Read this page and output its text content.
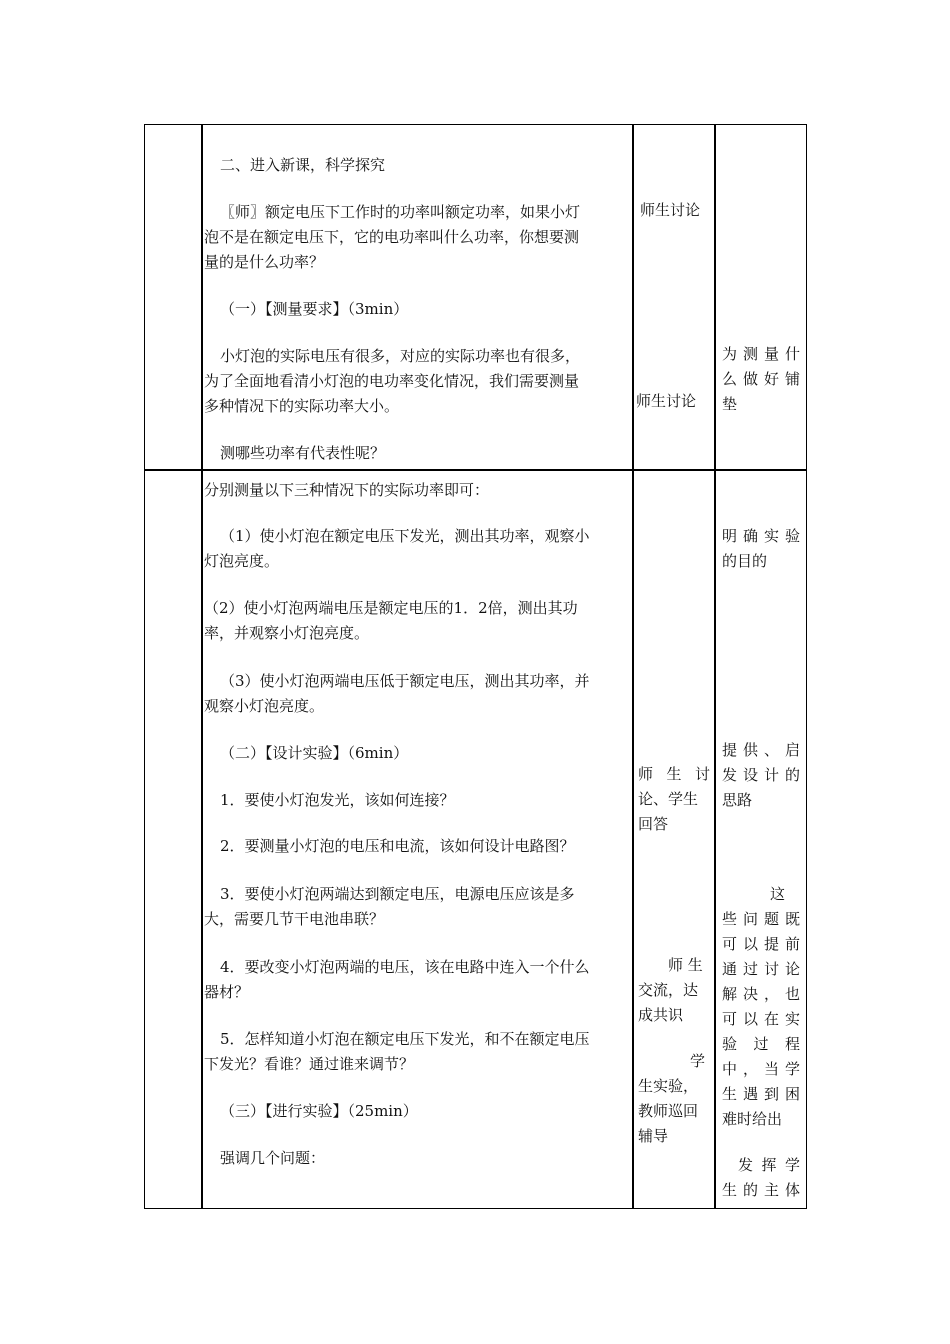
二、进入新课，科学探究
〖师〗额定电压下工作时的功率叫额定功率，如果小灯
泡不是在额定电压下，它的电功率叫什么功率，你想要测
量的是什么功率？
（一）【测量要求】（3min）
小灯泡的实际电压有很多，对应的实际功率也有很多，
为了全面地看清小灯泡的电功率变化情况，我们需要测量
多种情况下的实际功率大小。
测哪些功率有代表性呢？
师生讨论
师生讨论
为 测 量 什
么 做 好 铺
垫
分别测量以下三种情况下的实际功率即可：
（1）使小灯泡在额定电压下发光，测出其功率，观察小
灯泡亮度。
（2）使小灯泡两端电压是额定电压的1．2倍，测出其功
率，并观察小灯泡亮度。
（3）使小灯泡两端电压低于额定电压，测出其功率，并
观察小灯泡亮度。
（二）【设计实验】（6min）
1．要使小灯泡发光，该如何连接？
2．要测量小灯泡的电压和电流，该如何设计电路图？
3．要使小灯泡两端达到额定电压，电源电压应该是多
大，需要几节干电池串联？
4．要改变小灯泡两端的电压，该在电路中连入一个什么
器材？
5．怎样知道小灯泡在额定电压下发光，和不在额定电压
下发光？看谁？通过谁来调节？
（三）【进行实验】（25min）
强调几个问题：
师 生 讨
论、学生
回答
师 生
交流，达
成共识
学
生实验，
教师巡回
辅导
明 确 实 验
的目的
提 供 、 启
发 设 计 的
思路
这
些 问 题 既
可 以 提 前
通 过 讨 论
解 决 ， 也
可 以 在 实
验 过 程
中 ， 当 学
生 遇 到 困
难时给出
发 挥 学
生 的 主 体
